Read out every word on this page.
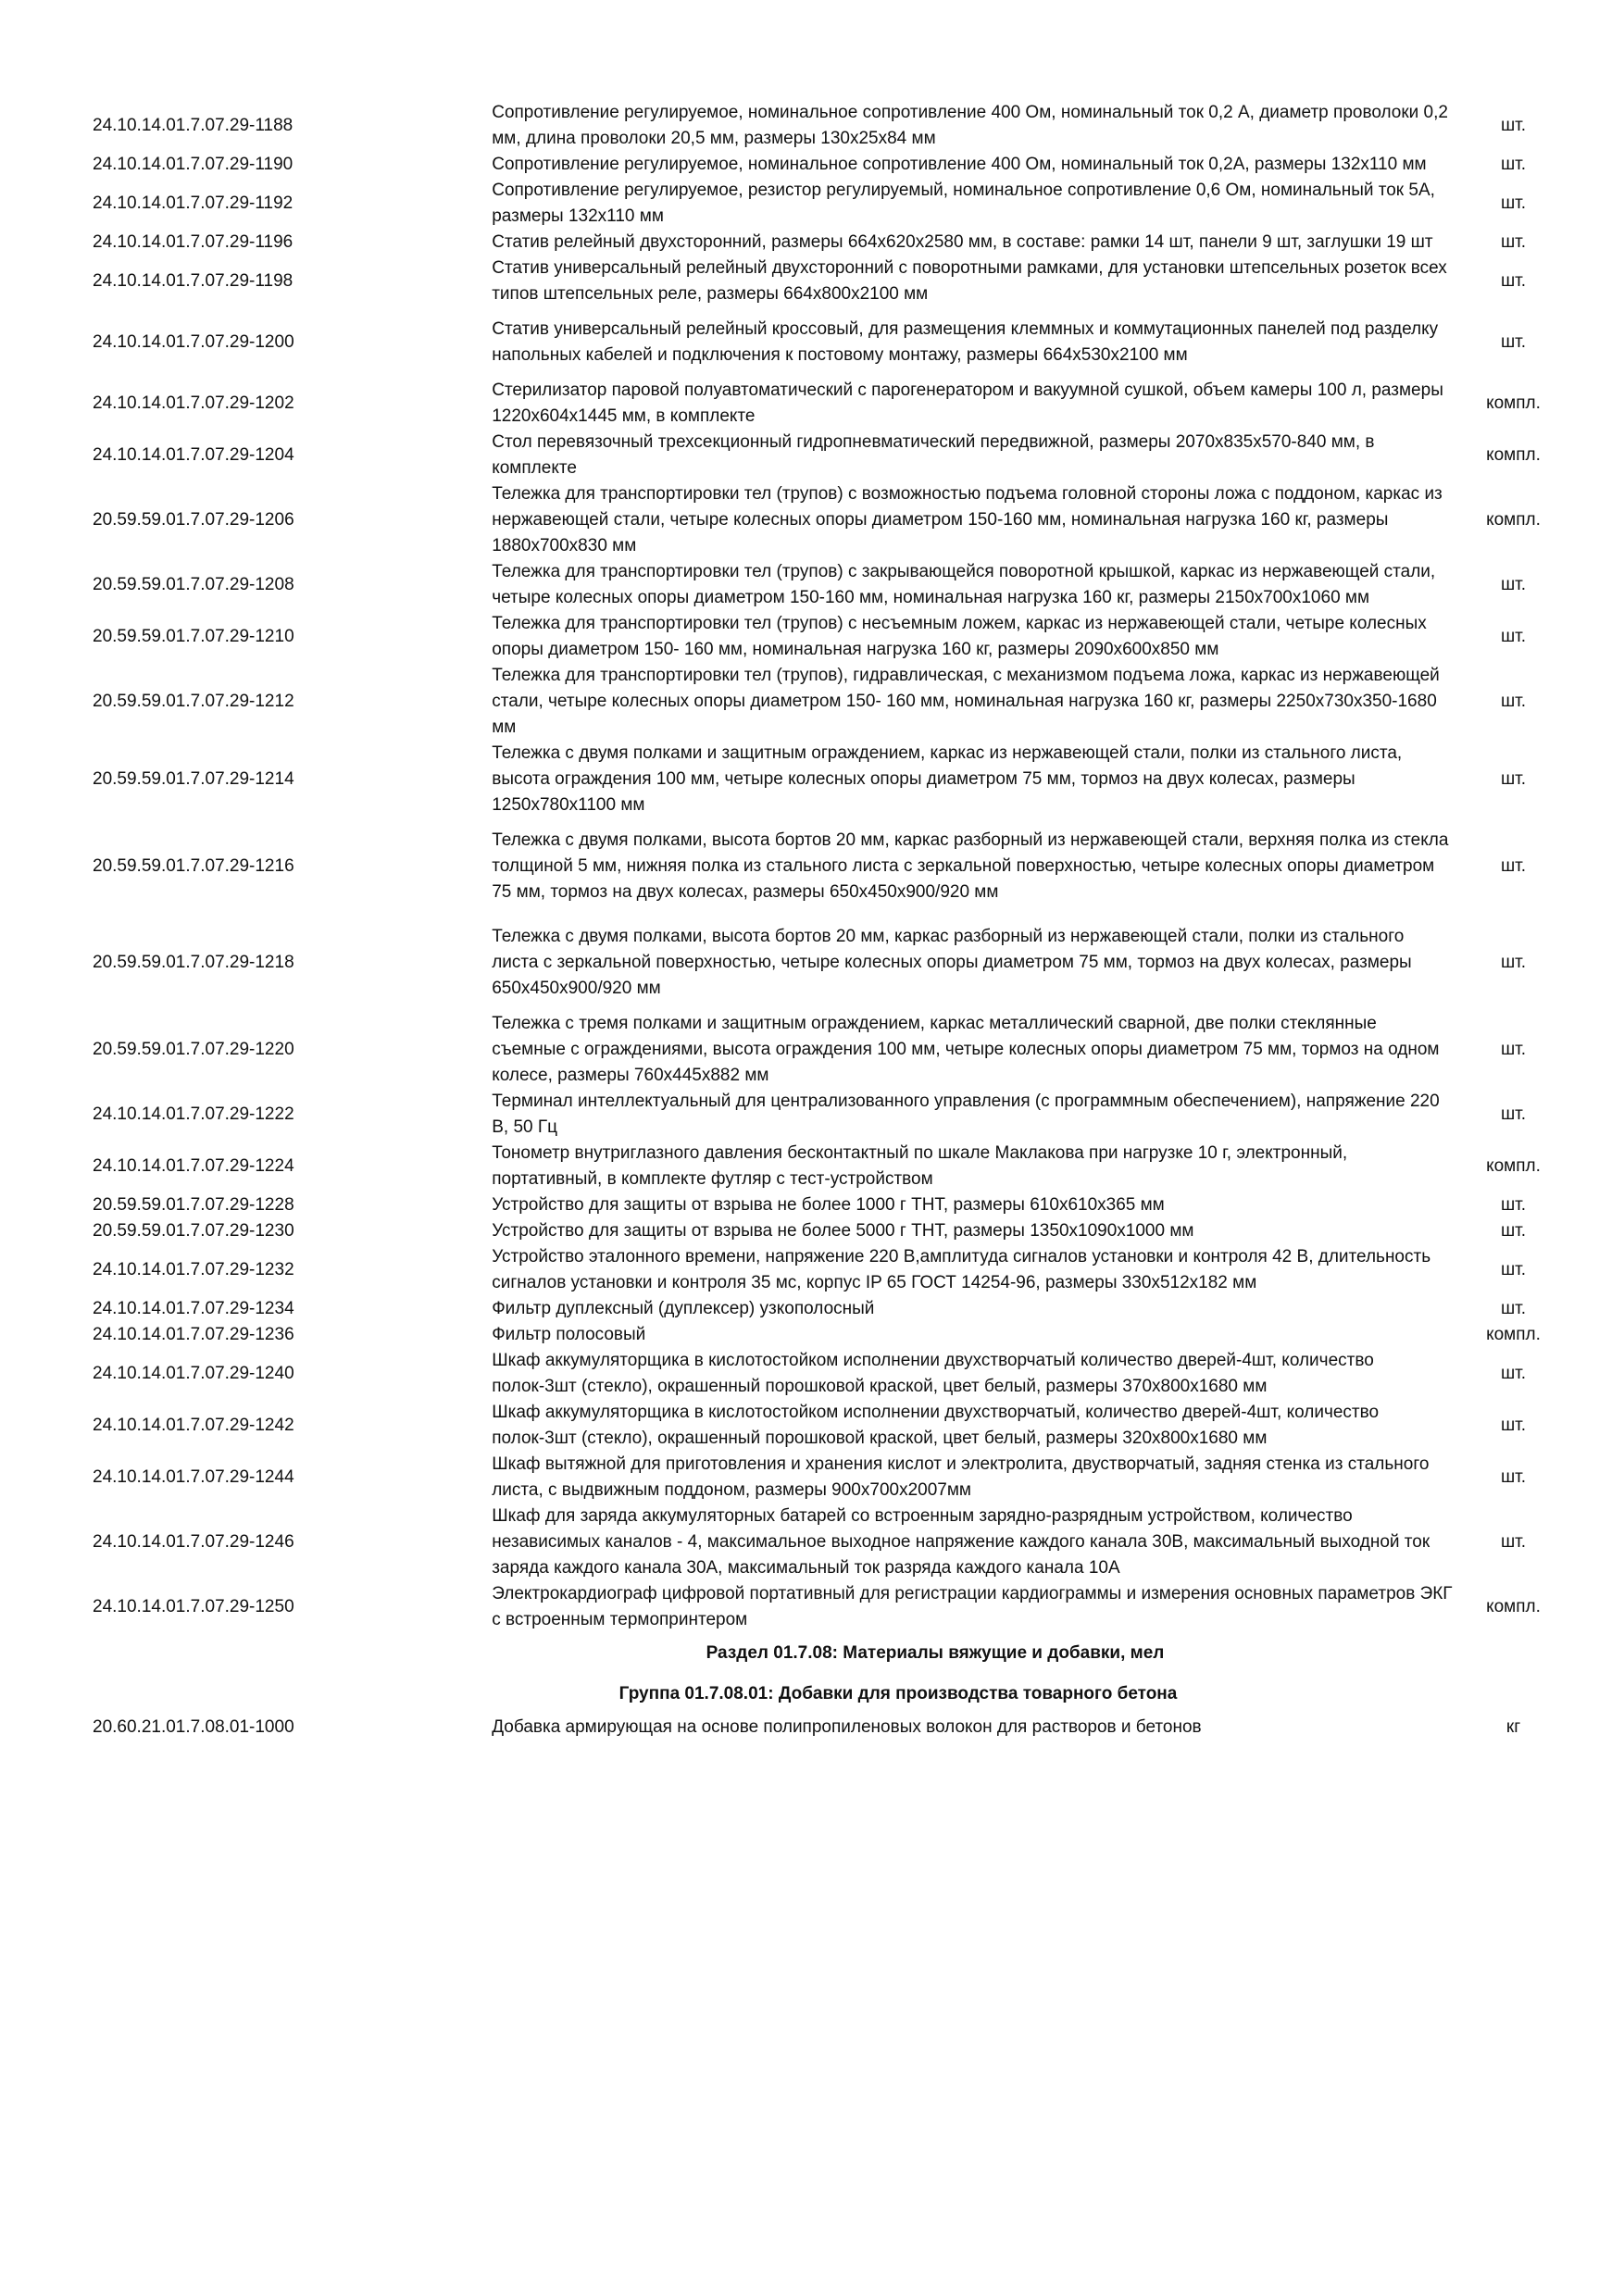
24.10.14.01.7.07.29-1188	Сопротивление регулируемое, номинальное сопротивление 400 Ом, номинальный ток 0,2 А, диаметр проволоки 0,2 мм, длина проволоки 20,5 мм, размеры 130x25x84 мм	шт.
24.10.14.01.7.07.29-1190	Сопротивление регулируемое, номинальное сопротивление 400 Ом, номинальный ток 0,2А, размеры 132x110 мм	шт.
24.10.14.01.7.07.29-1192	Сопротивление регулируемое, резистор регулируемый, номинальное сопротивление 0,6 Ом, номинальный ток 5А, размеры 132x110 мм	шт.
24.10.14.01.7.07.29-1196	Статив релейный двухсторонний, размеры 664x620x2580 мм, в составе: рамки 14 шт, панели 9 шт, заглушки 19 шт	шт.
24.10.14.01.7.07.29-1198	Статив универсальный релейный двухсторонний с поворотными рамками, для установки штепсельных розеток всех типов штепсельных реле, размеры 664x800x2100 мм	шт.
24.10.14.01.7.07.29-1200	Статив универсальный релейный кроссовый, для размещения клеммных и коммутационных панелей под разделку напольных кабелей и подключения к постовому монтажу, размеры 664x530x2100 мм	шт.
24.10.14.01.7.07.29-1202	Стерилизатор паровой полуавтоматический с парогенератором и вакуумной сушкой, объем камеры 100 л, размеры 1220x604x1445 мм, в комплекте	компл.
24.10.14.01.7.07.29-1204	Стол перевязочный трехсекционный гидропневматический передвижной, размеры 2070x835x570-840 мм, в комплекте	компл.
20.59.59.01.7.07.29-1206	Тележка для транспортировки тел (трупов) с возможностью подъема головной стороны ложа с поддоном, каркас из нержавеющей стали, четыре колесных опоры диаметром 150-160 мм, номинальная нагрузка 160 кг, размеры 1880x700x830 мм	компл.
20.59.59.01.7.07.29-1208	Тележка для транспортировки тел (трупов) с закрывающейся поворотной крышкой, каркас из нержавеющей стали, четыре колесных опоры диаметром 150-160 мм, номинальная нагрузка 160 кг, размеры 2150x700x1060 мм	шт.
20.59.59.01.7.07.29-1210	Тележка для транспортировки тел (трупов) с несъемным ложем, каркас из нержавеющей стали, четыре колесных опоры диаметром 150- 160 мм, номинальная нагрузка 160 кг, размеры 2090x600x850 мм	шт.
20.59.59.01.7.07.29-1212	Тележка для транспортировки тел (трупов), гидравлическая, с механизмом подъема ложа, каркас из нержавеющей стали, четыре колесных опоры диаметром 150- 160 мм, номинальная нагрузка 160 кг, размеры 2250x730x350-1680 мм	шт.
20.59.59.01.7.07.29-1214	Тележка с двумя полками и защитным ограждением, каркас из нержавеющей стали, полки из стального листа, высота ограждения 100 мм, четыре колесных опоры диаметром 75 мм, тормоз на двух колесах, размеры 1250x780x1100 мм	шт.
20.59.59.01.7.07.29-1216	Тележка с двумя полками, высота бортов 20 мм, каркас разборный из нержавеющей стали, верхняя полка из стекла толщиной 5 мм, нижняя полка из стального листа с зеркальной поверхностью, четыре колесных опоры диаметром 75 мм, тормоз на двух колесах, размеры 650x450x900/920 мм	шт.
20.59.59.01.7.07.29-1218	Тележка с двумя полками, высота бортов 20 мм, каркас разборный из нержавеющей стали, полки из стального листа с зеркальной поверхностью, четыре колесных опоры диаметром 75 мм, тормоз на двух колесах, размеры 650x450x900/920 мм	шт.
20.59.59.01.7.07.29-1220	Тележка с тремя полками и защитным ограждением, каркас металлический сварной, две полки стеклянные съемные с ограждениями, высота ограждения 100 мм, четыре колесных опоры диаметром 75 мм, тормоз на одном колесе, размеры 760x445x882 мм	шт.
24.10.14.01.7.07.29-1222	Терминал интеллектуальный для централизованного управления (с программным обеспечением), напряжение 220 В, 50 Гц	шт.
24.10.14.01.7.07.29-1224	Тонометр внутриглазного давления бесконтактный по шкале Маклакова при нагрузке 10 г, электронный, портативный, в комплекте футляр с тест-устройством	компл.
20.59.59.01.7.07.29-1228	Устройство для защиты от взрыва не более 1000 г ТНТ, размеры 610x610x365 мм	шт.
20.59.59.01.7.07.29-1230	Устройство для защиты от взрыва не более 5000 г ТНТ, размеры 1350x1090x1000 мм	шт.
24.10.14.01.7.07.29-1232	Устройство эталонного времени, напряжение 220 В,амплитуда сигналов установки и контроля 42 В, длительность сигналов установки и контроля 35 мс, корпус IP 65 ГОСТ 14254-96, размеры 330x512x182 мм	шт.
24.10.14.01.7.07.29-1234	Фильтр дуплексный (дуплексер) узкополосный	шт.
24.10.14.01.7.07.29-1236	Фильтр полосовый	компл.
24.10.14.01.7.07.29-1240	Шкаф аккумуляторщика в кислотостойком исполнении двухстворчатый количество дверей-4шт, количество полок-3шт (стекло), окрашенный порошковой краской, цвет белый, размеры 370x800x1680 мм	шт.
24.10.14.01.7.07.29-1242	Шкаф аккумуляторщика в кислотостойком исполнении двухстворчатый, количество дверей-4шт, количество полок-3шт (стекло), окрашенный порошковой краской, цвет белый, размеры 320x800x1680 мм	шт.
24.10.14.01.7.07.29-1244	Шкаф вытяжной для приготовления и хранения кислот и электролита, двустворчатый, задняя стенка из стального листа, с выдвижным поддоном, размеры 900x700x2007мм	шт.
24.10.14.01.7.07.29-1246	Шкаф для заряда аккумуляторных батарей со встроенным зарядно-разрядным устройством, количество независимых каналов - 4, максимальное выходное напряжение каждого канала 30В, максимальный выходной ток заряда каждого канала 30А, максимальный ток разряда каждого канала 10А	шт.
24.10.14.01.7.07.29-1250	Электрокардиограф цифровой портативный для регистрации кардиограммы и измерения основных параметров ЭКГ с встроенным термопринтером	компл.
Раздел 01.7.08: Материалы вяжущие и добавки, мел		
Группа 01.7.08.01: Добавки для производства товарного бетона		
20.60.21.01.7.08.01-1000	Добавка армирующая на основе полипропиленовых волокон для растворов и бетонов	кг
